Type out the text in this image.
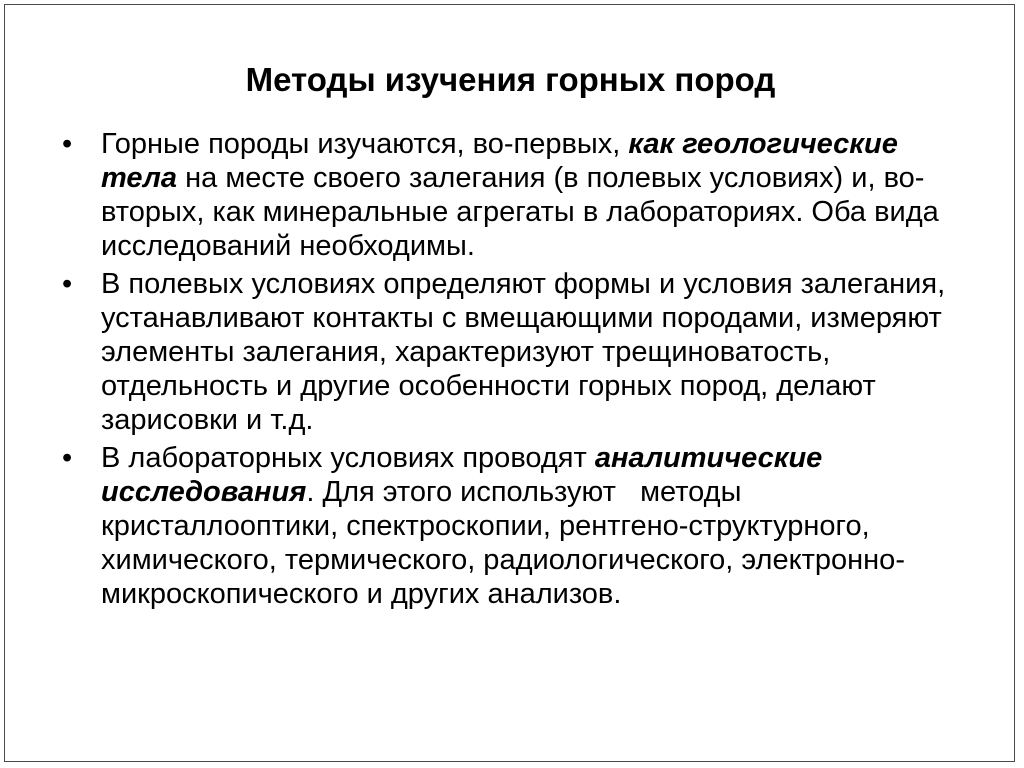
Методы изучения горных пород
• Горные породы изучаются, во-первых, как геологические тела на месте своего залегания (в полевых условиях) и, во-вторых, как минеральные агрегаты в лабораториях. Оба вида исследований необходимы.
• В полевых условиях определяют формы и условия залегания, устанавливают контакты с вмещающими породами, измеряют элементы залегания, характеризуют трещиноватость, отдельность и другие особенности горных пород, делают зарисовки и т.д.
• В лабораторных условиях проводят аналитические исследования. Для этого используют   методы кристаллооптики, спектроскопии, рентгено-структурного, химического, термического, радиологического, электронно-микроскопического и других анализов.
